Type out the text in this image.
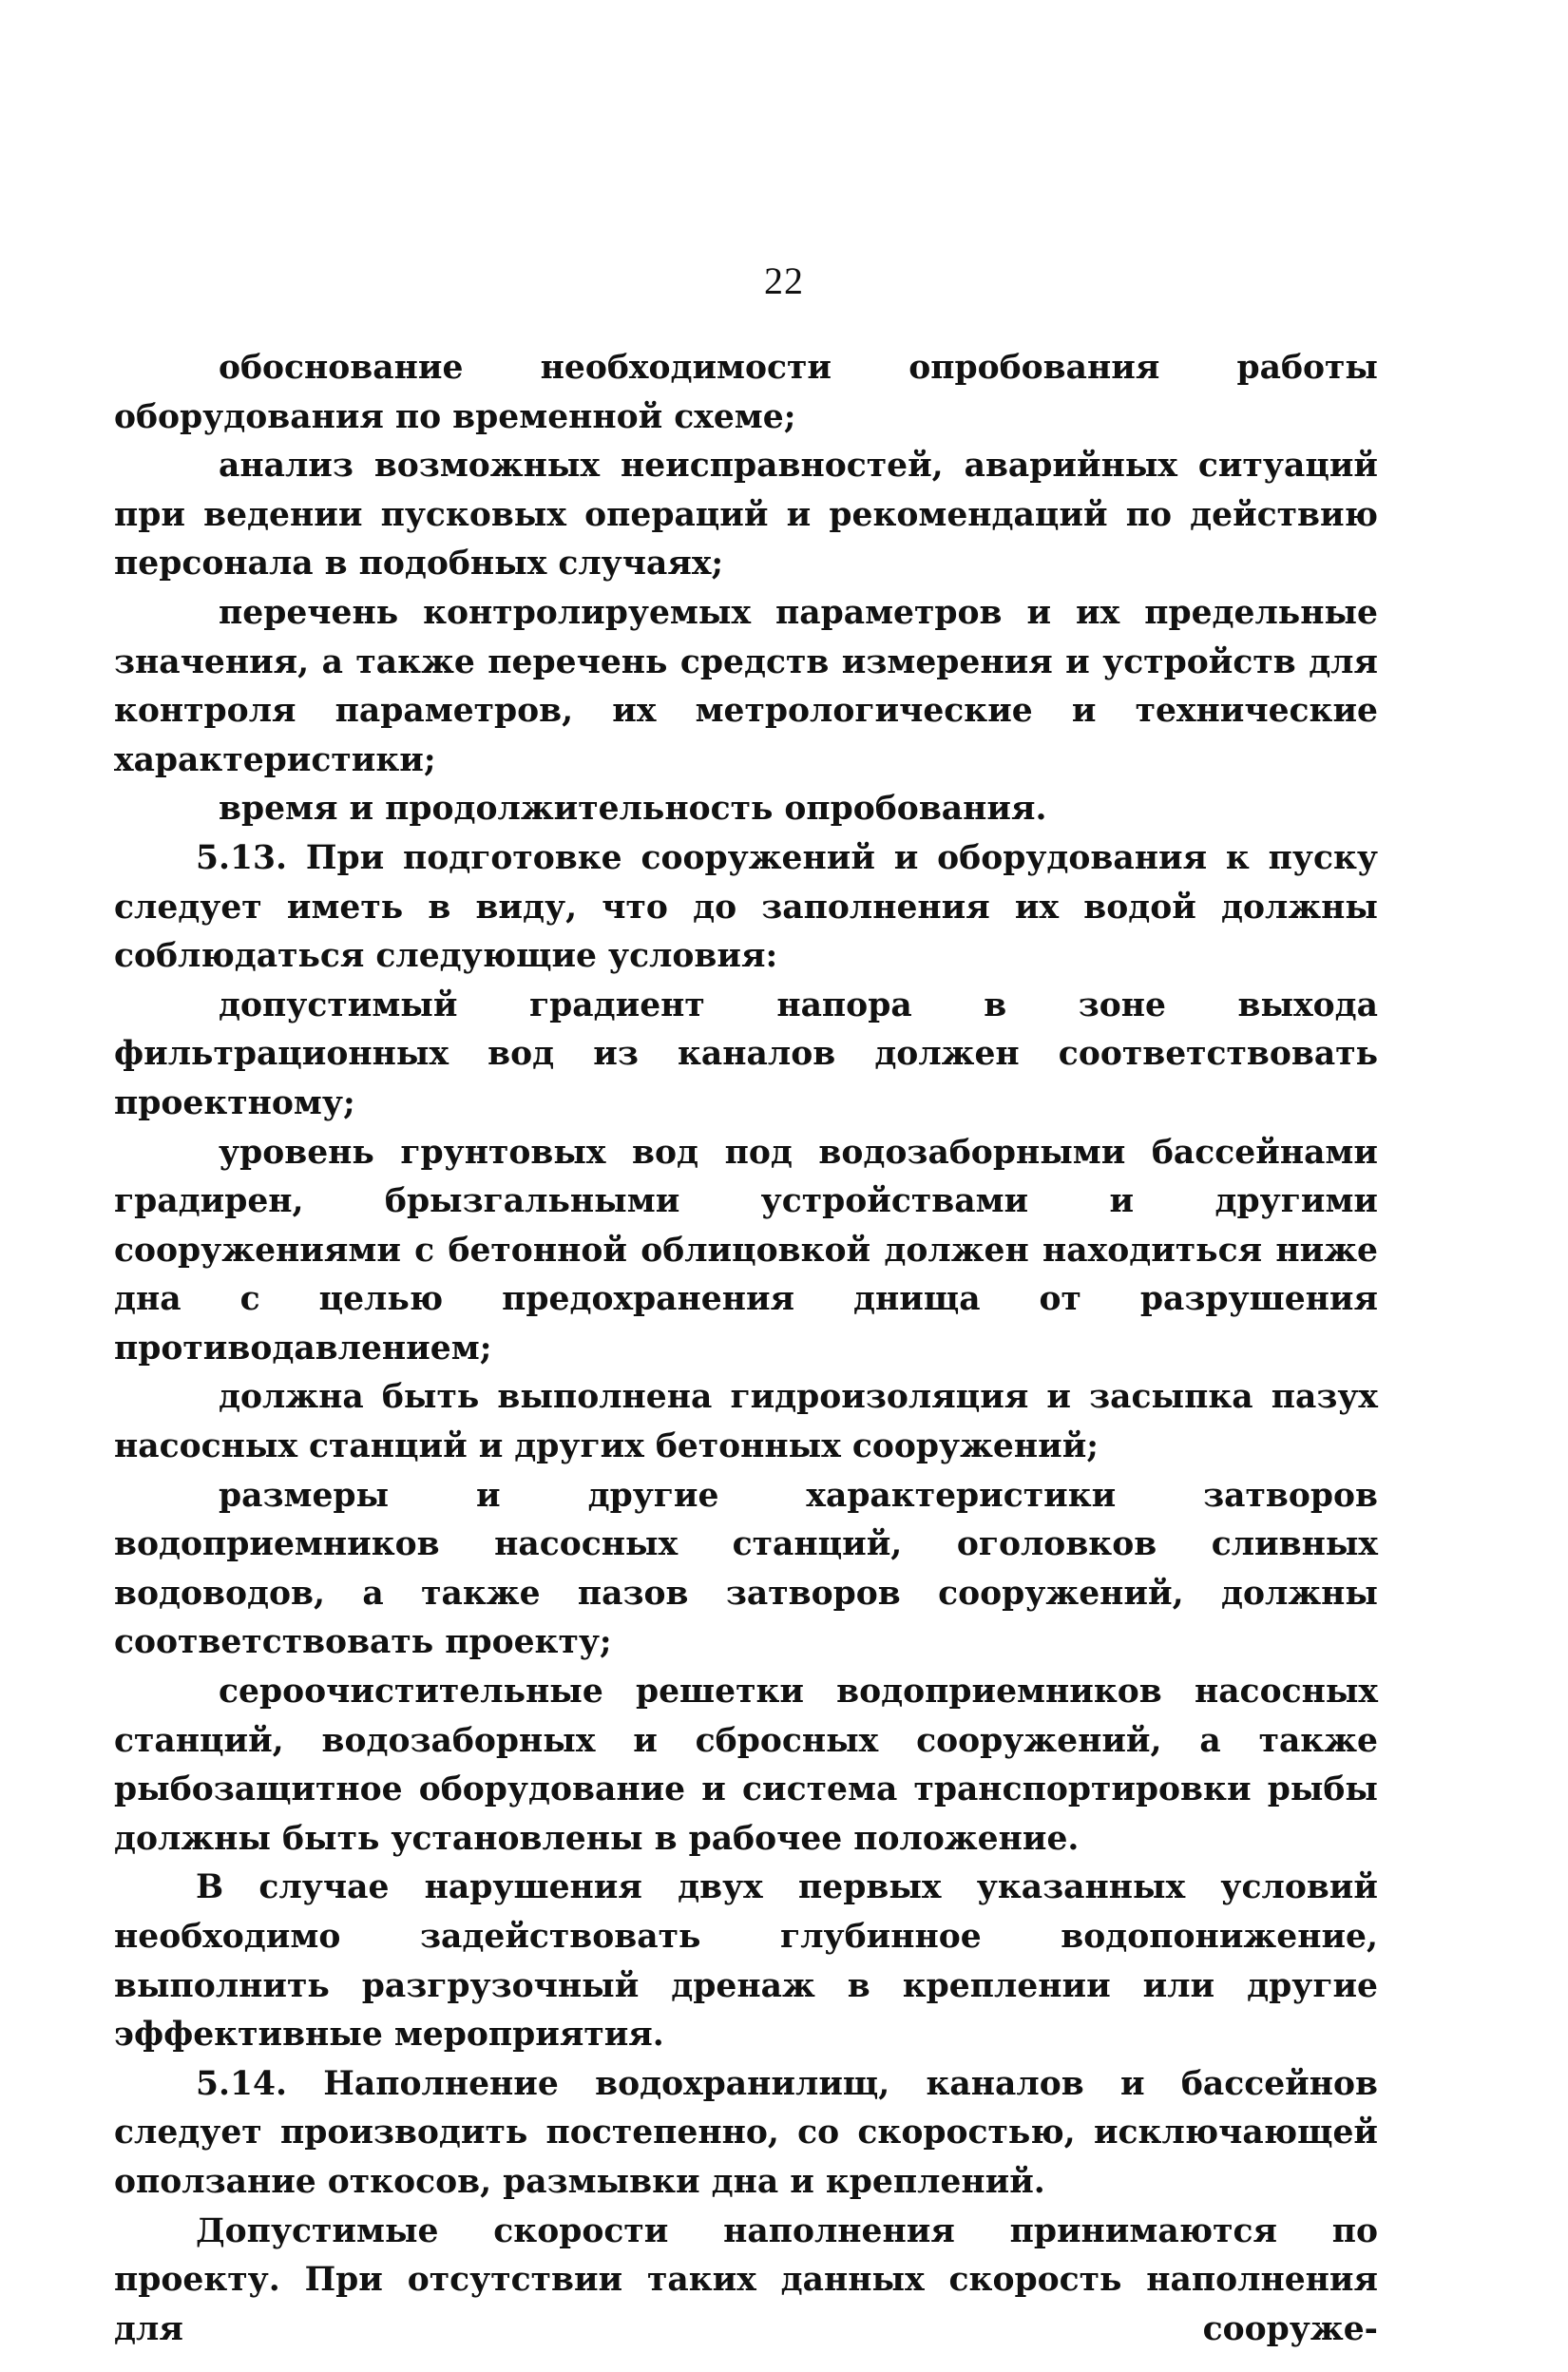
22

обоснование необходимости опробования работы оборудования по временной схеме;

анализ возможных неисправностей, аварийных ситуаций при ведении пусковых операций и рекомендаций по действию персонала в подобных случаях;

перечень контролируемых параметров и их предельные значения, а также перечень средств измерения и устройств для контроля параметров, их метрологические и технические характеристики;

время и продолжительность опробования.

5.13. При подготовке сооружений и оборудования к пуску следует иметь в виду, что до заполнения их водой должны соблюдаться следующие условия:

допустимый градиент напора в зоне выхода фильтрационных вод из каналов должен соответствовать проектному;

уровень грунтовых вод под водозаборными бассейнами градирен, брызгальными устройствами и другими сооружениями с бетонной облицовкой должен находиться ниже дна с целью предохранения днища от разрушения противодавлением;

должна быть выполнена гидроизоляция и засыпка пазух насосных станций и других бетонных сооружений;

размеры и другие характеристики затворов водоприемников насосных станций, оголовков сливных водоводов, а также пазов затворов сооружений, должны соответствовать проекту;

сероочистительные решетки водоприемников насосных станций, водозаборных и сбросных сооружений, а также рыбозащитное оборудование и система транспортировки рыбы должны быть установлены в рабочее положение.

В случае нарушения двух первых указанных условий необходимо задействовать глубинное водопонижение, выполнить разгрузочный дренаж в креплении или другие эффективные мероприятия.

5.14. Наполнение водохранилищ, каналов и бассейнов следует производить постепенно, со скоростью, исключающей оползание откосов, размывки дна и креплений.

Допустимые скорости наполнения принимаются по проекту. При отсутствии таких данных скорость наполнения для сооруже-
